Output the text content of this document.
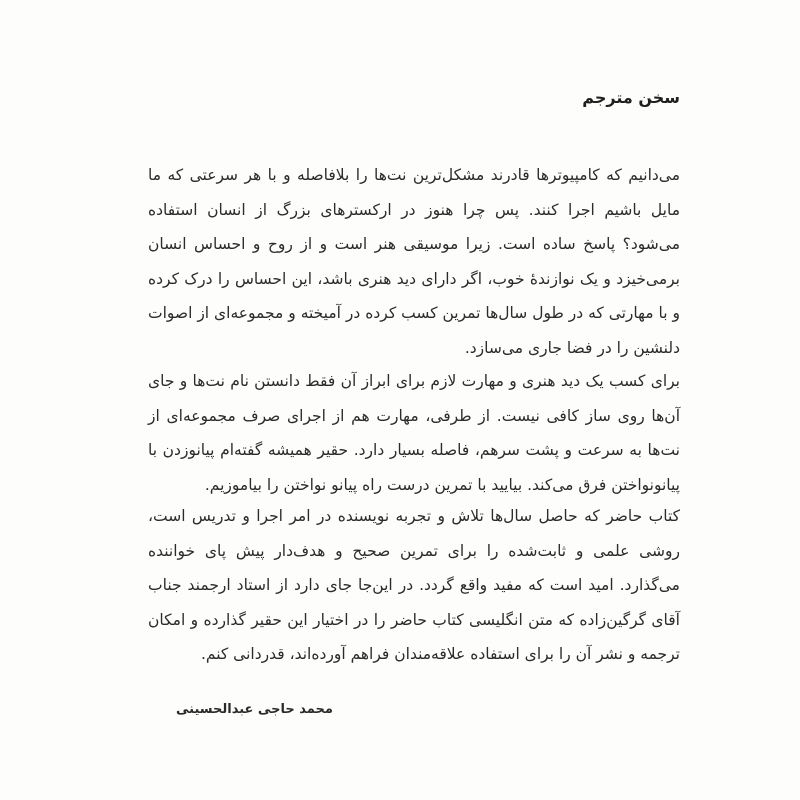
سخن مترجم

می‌دانیم که کامپیوترها قادرند مشکل‌ترین نت‌ها را بلافاصله و با هر سرعتی که ما مایل باشیم اجرا کنند. پس چرا هنوز در ارکسترهای بزرگ از انسان استفاده می‌شود؟ پاسخ ساده است. زیرا موسیقی هنر است و از روح و احساس انسان برمی‌خیزد و یک نوازندهٔ خوب، اگر دارای دید هنری باشد، این احساس را درک کرده و با مهارتی که در طول سال‌ها تمرین کسب کرده در آمیخته و مجموعه‌ای از اصوات دلنشین را در فضا جاری می‌سازد.

برای کسب یک دید هنری و مهارت لازم برای ابراز آن فقط دانستن نام نت‌ها و جای آن‌ها روی ساز کافی نیست. از طرفی، مهارت هم از اجرای صرف مجموعه‌ای از نت‌ها به سرعت و پشت سرهم، فاصله بسیار دارد. حقیر همیشه گفته‌ام پیانوزدن با پیانونواختن فرق می‌کند. بیایید با تمرین درست راه پیانو نواختن را بیاموزیم.

کتاب حاضر که حاصل سال‌ها تلاش و تجربه نویسنده در امر اجرا و تدریس است، روشی علمی و ثابت‌شده را برای تمرین صحیح و هدف‌دار پیش پای خواننده می‌گذارد. امید است که مفید واقع گردد. در این‌جا جای دارد از استاد ارجمند جناب آقای گرگین‌زاده که متن انگلیسی کتاب حاضر را در اختیار این حقیر گذارده و امکان ترجمه و نشر آن را برای استفاده علاقه‌مندان فراهم آورده‌اند، قدردانی کنم.

محمد حاجی عبدالحسینی
